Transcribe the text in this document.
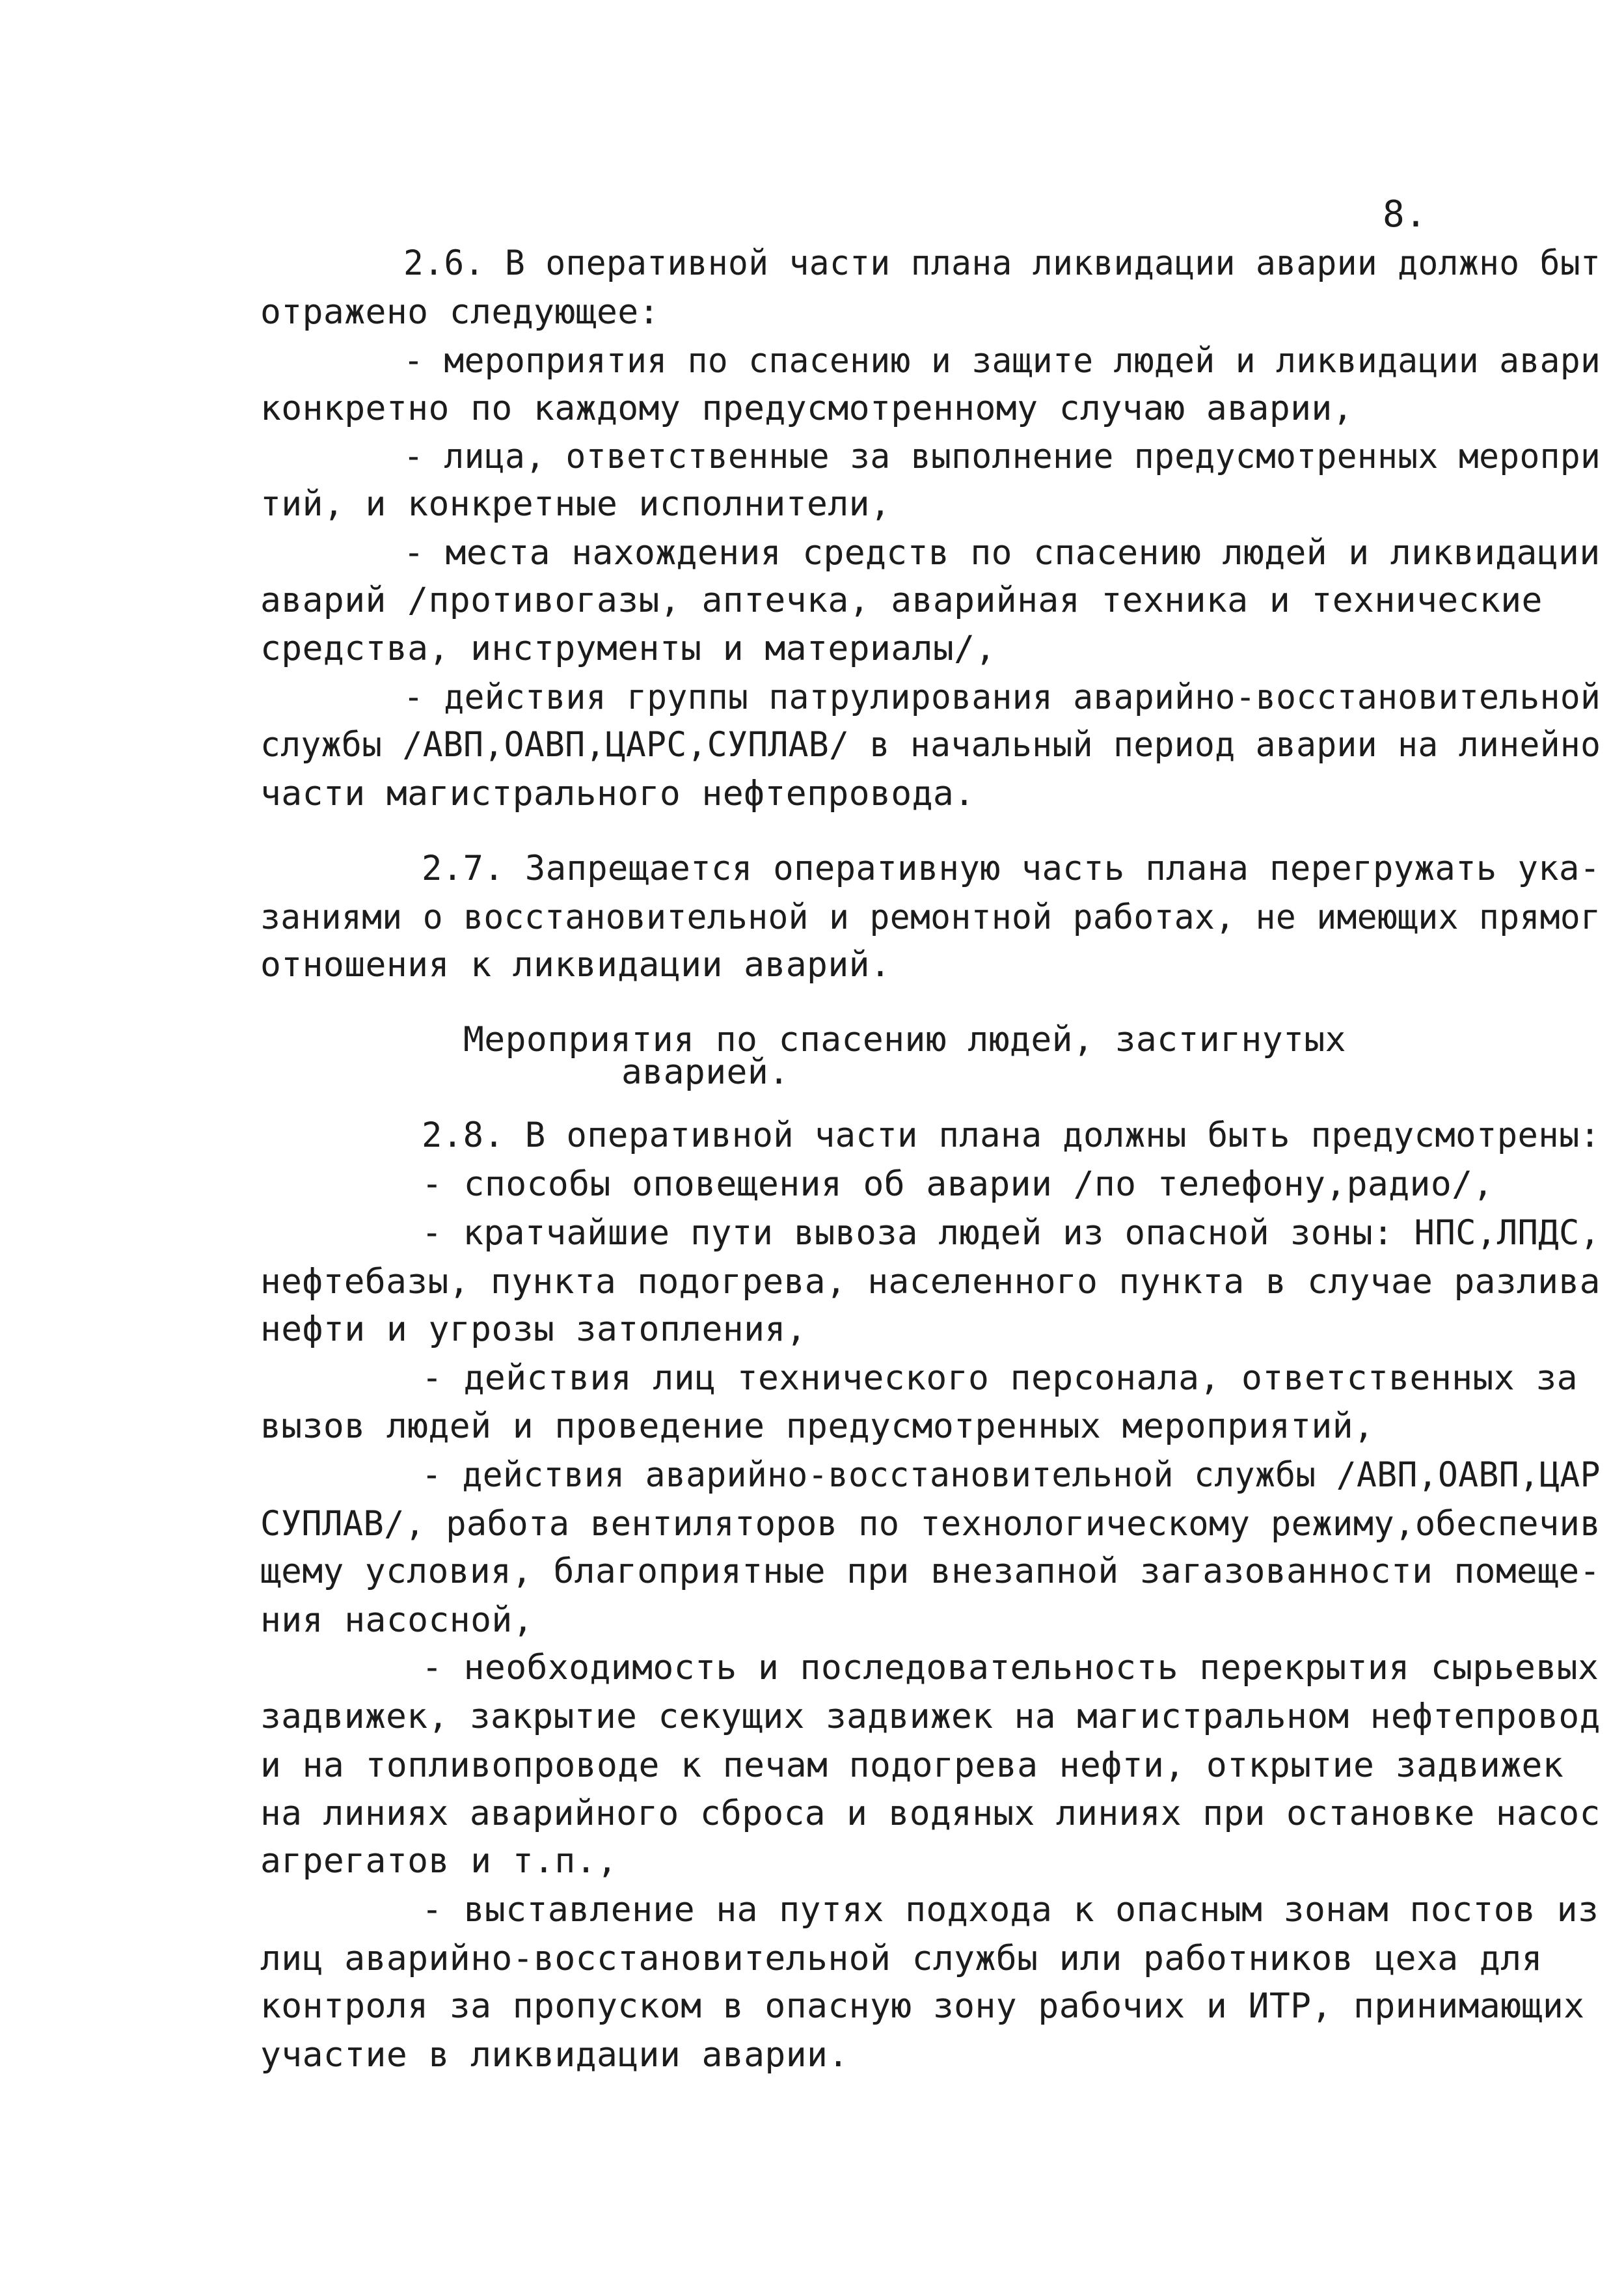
8.
2.6. В оперативной части плана ликвидации аварии должно быт
отражено следующее:
- мероприятия по спасению и защите людей и ликвидации авари
конкретно по каждому предусмотренному случаю аварии,
- лица, ответственные за выполнение предусмотренных меропри
тий, и конкретные исполнители,
- места нахождения средств по спасению людей и ликвидации
аварий /противогазы, аптечка, аварийная техника и технические
средства, инструменты и материалы/,
- действия группы патрулирования аварийно-восстановительной
службы /АВП,ОАВП,ЦАРС,СУПЛАВ/ в начальный период аварии на линейно
части магистрального нефтепровода.
2.7. Запрещается оперативную часть плана перегружать ука-
заниями о восстановительной и ремонтной работах, не имеющих прямог
отношения к ликвидации аварий.
Мероприятия по спасению людей, застигнутых
аварией.
2.8. В оперативной части плана должны быть предусмотрены:
- способы оповещения об аварии /по телефону,радио/,
- кратчайшие пути вывоза людей из опасной зоны: НПС,ЛПДС,
нефтебазы, пункта подогрева, населенного пункта в случае разлива
нефти и угрозы затопления,
- действия лиц технического персонала, ответственных за
вызов людей и проведение предусмотренных мероприятий,
- действия аварийно-восстановительной службы /АВП,ОАВП,ЦАР
СУПЛАВ/, работа вентиляторов по технологическому режиму,обеспечив
щему условия, благоприятные при внезапной загазованности помеще-
ния насосной,
- необходимость и последовательность перекрытия сырьевых
задвижек, закрытие секущих задвижек на магистральном нефтепровод
и на топливопроводе к печам подогрева нефти, открытие задвижек
на линиях аварийного сброса и водяных линиях при остановке насос
агрегатов и т.п.,
- выставление на путях подхода к опасным зонам постов из
лиц аварийно-восстановительной службы или работников цеха для
контроля за пропуском в опасную зону рабочих и ИТР, принимающих
участие в ликвидации аварии.
